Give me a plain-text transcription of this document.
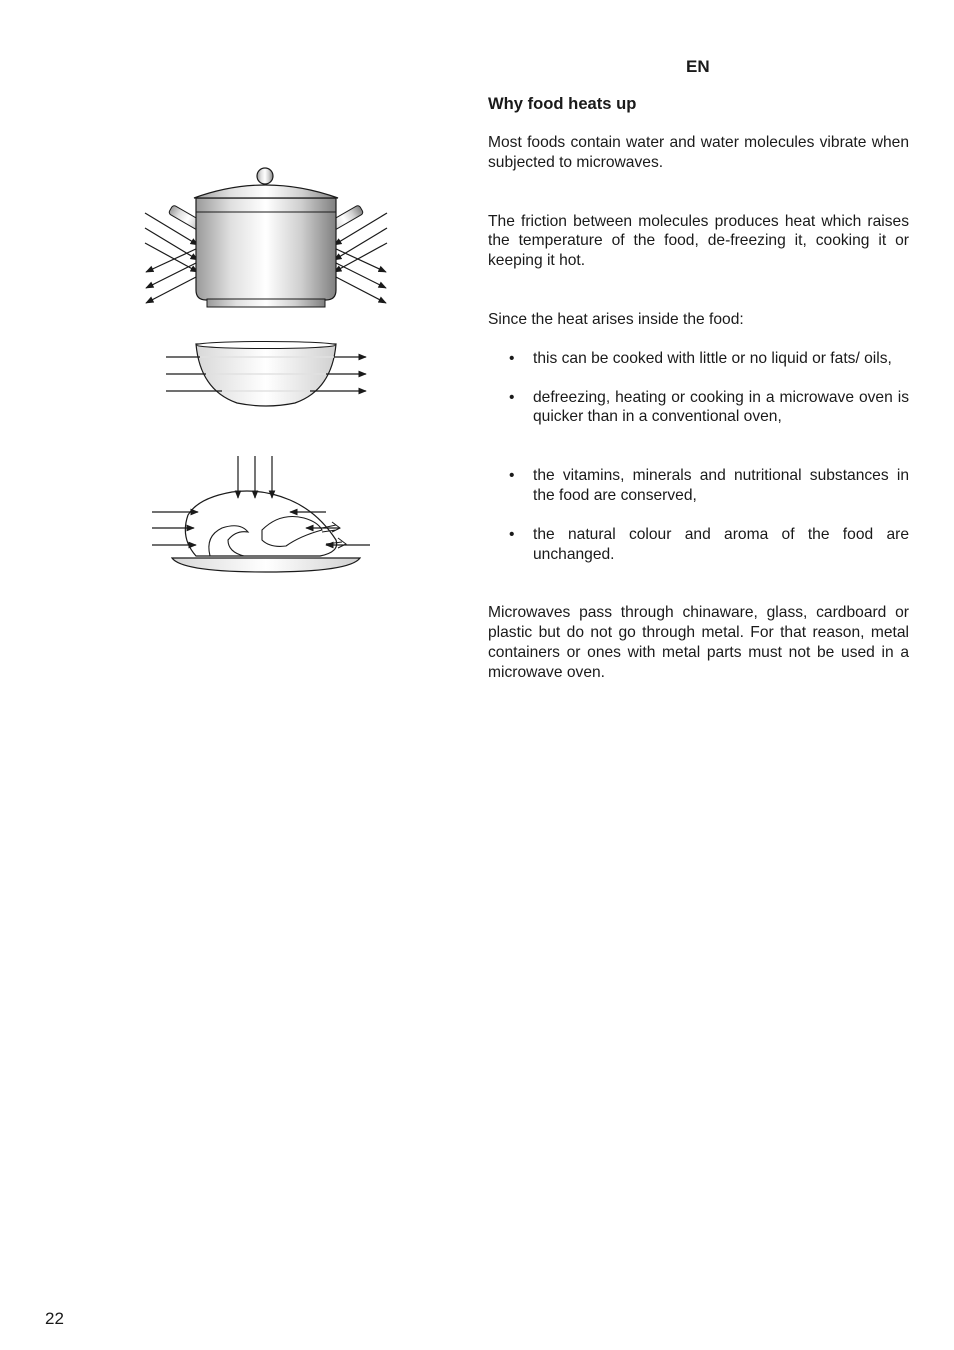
EN
Why food heats up

Most foods contain water and water molecules vibrate when subjected to microwaves.

The friction between molecules produces heat which raises the temperature of the food, de-freezing it, cooking it or keeping it hot.

Since the heat arises inside the food:

• this can be cooked with little or no liquid or fats/ oils,
• defreezing, heating or cooking in a microwave oven is quicker than in a conventional oven,
• the vitamins, minerals and nutritional substances in the food are conserved,
• the natural colour and aroma of the food are unchanged.

Microwaves pass through chinaware, glass, cardboard or plastic but do not go through metal. For that reason, metal containers or ones with metal parts must not be used in a microwave oven.

22
